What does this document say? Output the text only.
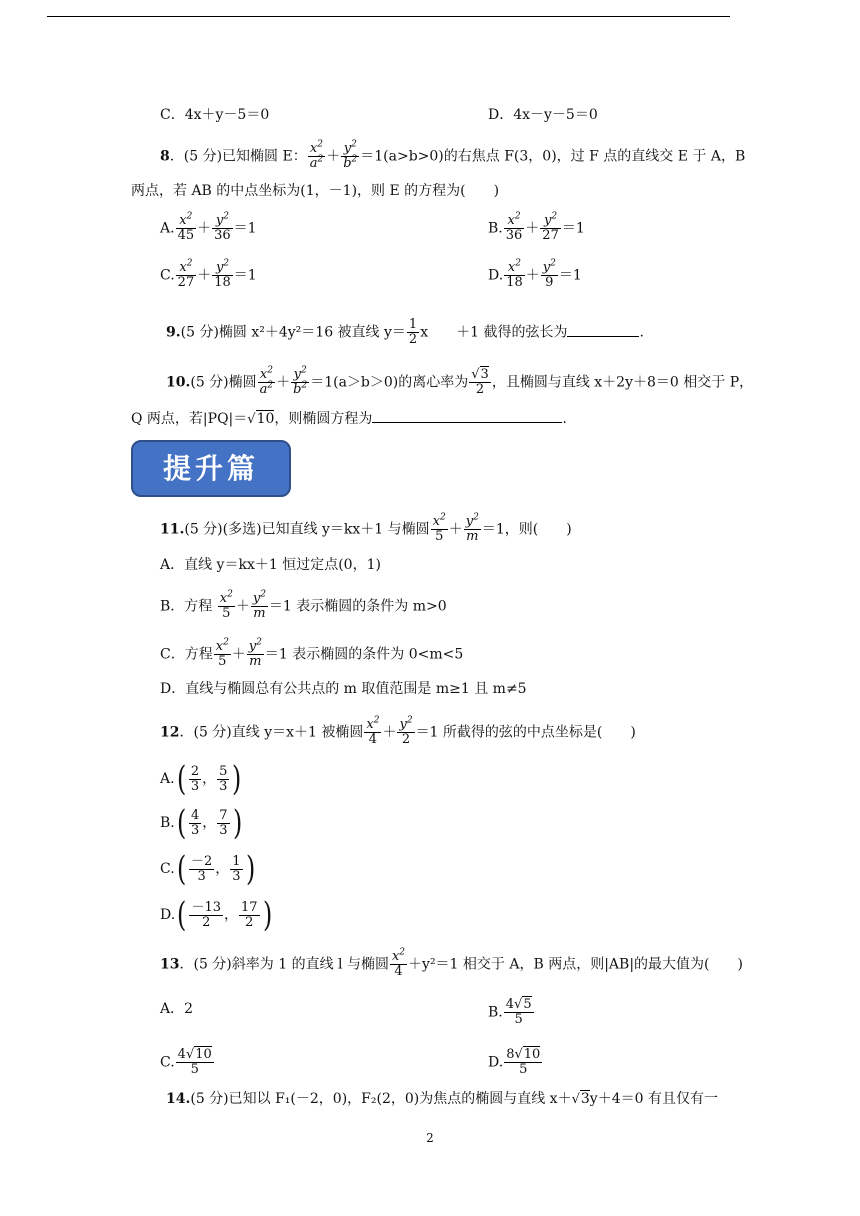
C．4x＋y－5＝0	D．4x－y－5＝0
8．(5 分)已知椭圆 E： $\frac{x^2}{a^2} + \frac{y^2}{b^2} =1(a>b>0)$的右焦点 F(3，0)，过 F 点的直线交 E 于 A，B
两点，若 AB 的中点坐标为(1，－1)，则 E 的方程为(　　)
A. $\frac{x^2}{45} + \frac{y^2}{36} =1$	B. $\frac{x^2}{36} + \frac{y^2}{27} =1$
C. $\frac{x^2}{27} + \frac{y^2}{18} =1$	D. $\frac{x^2}{18} + \frac{y^2}{9} =1$
9.(5 分)椭圆 x²＋4y²＝16 被直线 $y= \frac{1}{2}$ x　　＋1 截得的弦长为	.
10.(5 分)椭圆 $\frac{x^2}{a^2} + \frac{y^2}{b^2} =1(a>b>0)$的离心率为 $\frac{√3}{2}$ ，且椭圆与直线 x＋2y＋8＝0 相交于 P，
Q 两点，若|PQ|＝√10，则椭圆方程为	.
提升篇
11.(5 分)(多选)已知直线 y＝kx＋1 与椭圆 $\frac{x^2}{5} + \frac{y^2}{m} =1$，则(　　)
A．直线 y＝kx＋1 恒过定点(0，1)
B．方程 $\frac{x^2}{5} + \frac{y^2}{m} =1$ 表示椭圆的条件为 m>0
C．方程 $\frac{x^2}{5} + \frac{y^2}{m} =1$ 表示椭圆的条件为 0<m<5
D．直线与椭圆总有公共点的 m 取值范围是 m≥1 且 m≠5
12．(5 分)直线 y＝x＋1 被椭圆 $\frac{x^2}{4} + \frac{y^2}{2} =1$ 所截得的弦的中点坐标是(　　)
$A.( \frac{2}{3}$ ， $\frac{5}{3}$ )
$B.( \frac{4}{3}$ ， $\frac{7}{3}$ )
$C.( \frac{-2}{3}$ ， $\frac{1}{3}$ )
$D.( \frac{-13}{2}$ ， $\frac{17}{2}$ )
13．(5 分)斜率为 1 的直线 l 与椭圆 $\frac{x^2}{4} +y^2=1$ 相交于 A，B 两点，则|AB|的最大值为(　　)
A．2	B. $\frac{4√5}{5}$
C. $\frac{4√10}{5}$	D. $\frac{8√10}{5}$
14.(5 分)已知以 F₁(－2，0)，F₂(2，0)为焦点的椭圆与直线 x＋√3y＋4＝0 有且仅有一
2
